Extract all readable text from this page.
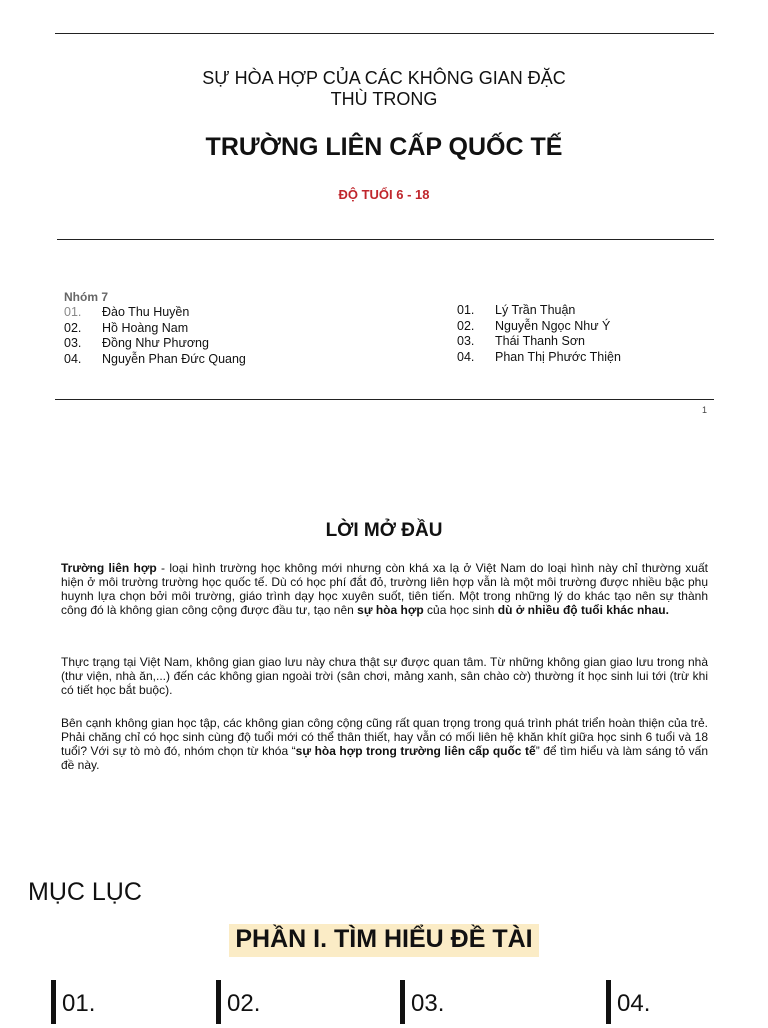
SỰ HÒA HỢP CỦA CÁC KHÔNG GIAN ĐẶC
THÙ TRONG
TRƯỜNG LIÊN CẤP QUỐC TẾ
ĐỘ TUỔI 6 - 18
Nhóm 7
01.	Đào Thu Huyền
02.	Hồ Hoàng Nam
03.	Đồng Như Phương
04.	Nguyễn Phan Đức Quang
01.	Lý Trần Thuận
02.	Nguyễn Ngọc Như Ý
03.	Thái Thanh Sơn
04.	Phan Thị Phước Thiện
1
LỜI MỞ ĐẦU
Trường liên hợp - loại hình trường học không mới nhưng còn khá xa lạ ở Việt Nam do loại hình này chỉ thường xuất hiện ở môi trường trường học quốc tế. Dù có học phí đắt đỏ, trường liên hợp vẫn là một môi trường được nhiều bậc phụ huynh lựa chọn bởi môi trường, giáo trình dạy học xuyên suốt, tiên tiến. Một trong những lý do khác tạo nên sự thành công đó là không gian công cộng được đầu tư, tạo nên sự hòa hợp của học sinh dù ở nhiều độ tuổi khác nhau.
Thực trạng tại Việt Nam, không gian giao lưu này chưa thật sự được quan tâm. Từ những không gian giao lưu trong nhà (thư viện, nhà ăn,...) đến các không gian ngoài trời (sân chơi, mảng xanh, sân chào cờ) thường ít học sinh lui tới (trừ khi có tiết học bắt buộc).
Bên cạnh không gian học tập, các không gian công cộng cũng rất quan trọng trong quá trình phát triển hoàn thiện của trẻ. Phải chăng chỉ có học sinh cùng độ tuổi mới có thể thân thiết, hay vẫn có mối liên hệ khăn khít giữa học sinh 6 tuổi và 18 tuổi? Với sự tò mò đó, nhóm chọn từ khóa “sự hòa hợp trong trường liên cấp quốc tế” để tìm hiểu và làm sáng tỏ vấn đề này.
MỤC LỤC
PHẦN I. TÌM HIỂU ĐỀ TÀI
01.	02.	03.	04.
